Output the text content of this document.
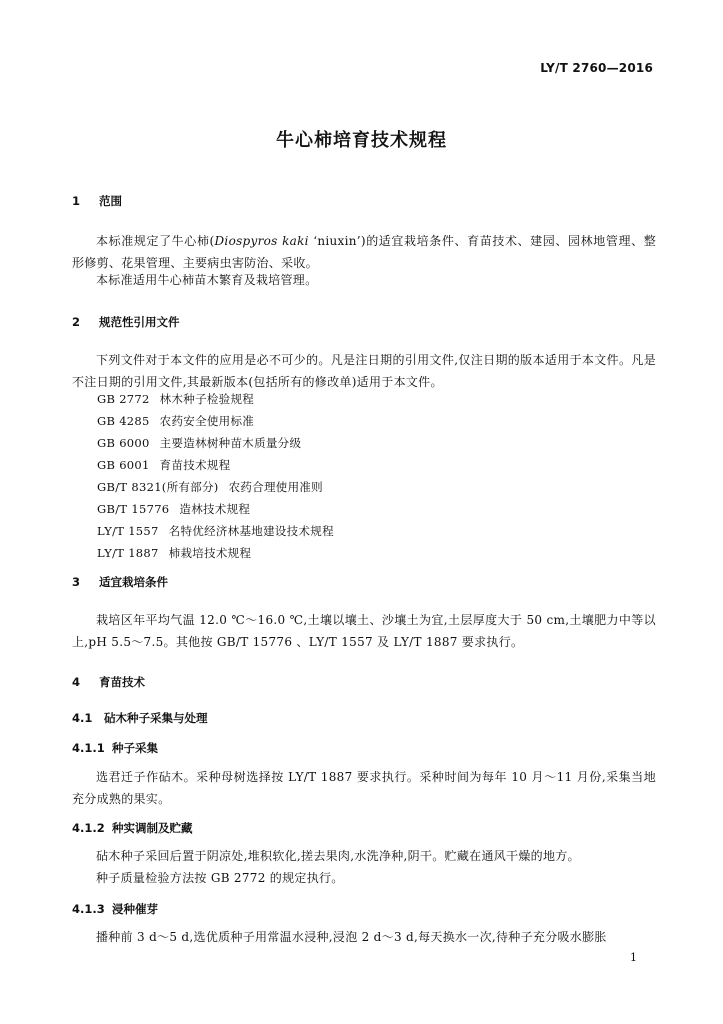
LY/T 2760—2016
牛心柿培育技术规程
1 范围
本标准规定了牛心柿(Diospyros kaki ‘niuxin’)的适宜栽培条件、育苗技术、建园、园林地管理、整形修剪、花果管理、主要病虫害防治、采收。
本标准适用牛心柿苗木繁育及栽培管理。
2 规范性引用文件
下列文件对于本文件的应用是必不可少的。凡是注日期的引用文件,仅注日期的版本适用于本文件。凡是不注日期的引用文件,其最新版本(包括所有的修改单)适用于本文件。
GB 2772 林木种子检验规程
GB 4285 农药安全使用标准
GB 6000 主要造林树种苗木质量分级
GB 6001 育苗技术规程
GB/T 8321(所有部分) 农药合理使用准则
GB/T 15776 造林技术规程
LY/T 1557 名特优经济林基地建设技术规程
LY/T 1887 柿栽培技术规程
3 适宜栽培条件
栽培区年平均气温 12.0 ℃～16.0 ℃,土壤以壤土、沙壤土为宜,土层厚度大于 50 cm,土壤肥力中等以上,pH 5.5～7.5。其他按 GB/T 15776 、LY/T 1557 及 LY/T 1887 要求执行。
4 育苗技术
4.1 砧木种子采集与处理
4.1.1 种子采集
选君迁子作砧木。采种母树选择按 LY/T 1887 要求执行。采种时间为每年 10 月～11 月份,采集当地充分成熟的果实。
4.1.2 种实调制及贮藏
砧木种子采回后置于阴凉处,堆积软化,搓去果肉,水洗净种,阴干。贮藏在通风干燥的地方。
种子质量检验方法按 GB 2772 的规定执行。
4.1.3 浸种催芽
播种前 3 d～5 d,选优质种子用常温水浸种,浸泡 2 d～3 d,每天换水一次,待种子充分吸水膨胀
1
